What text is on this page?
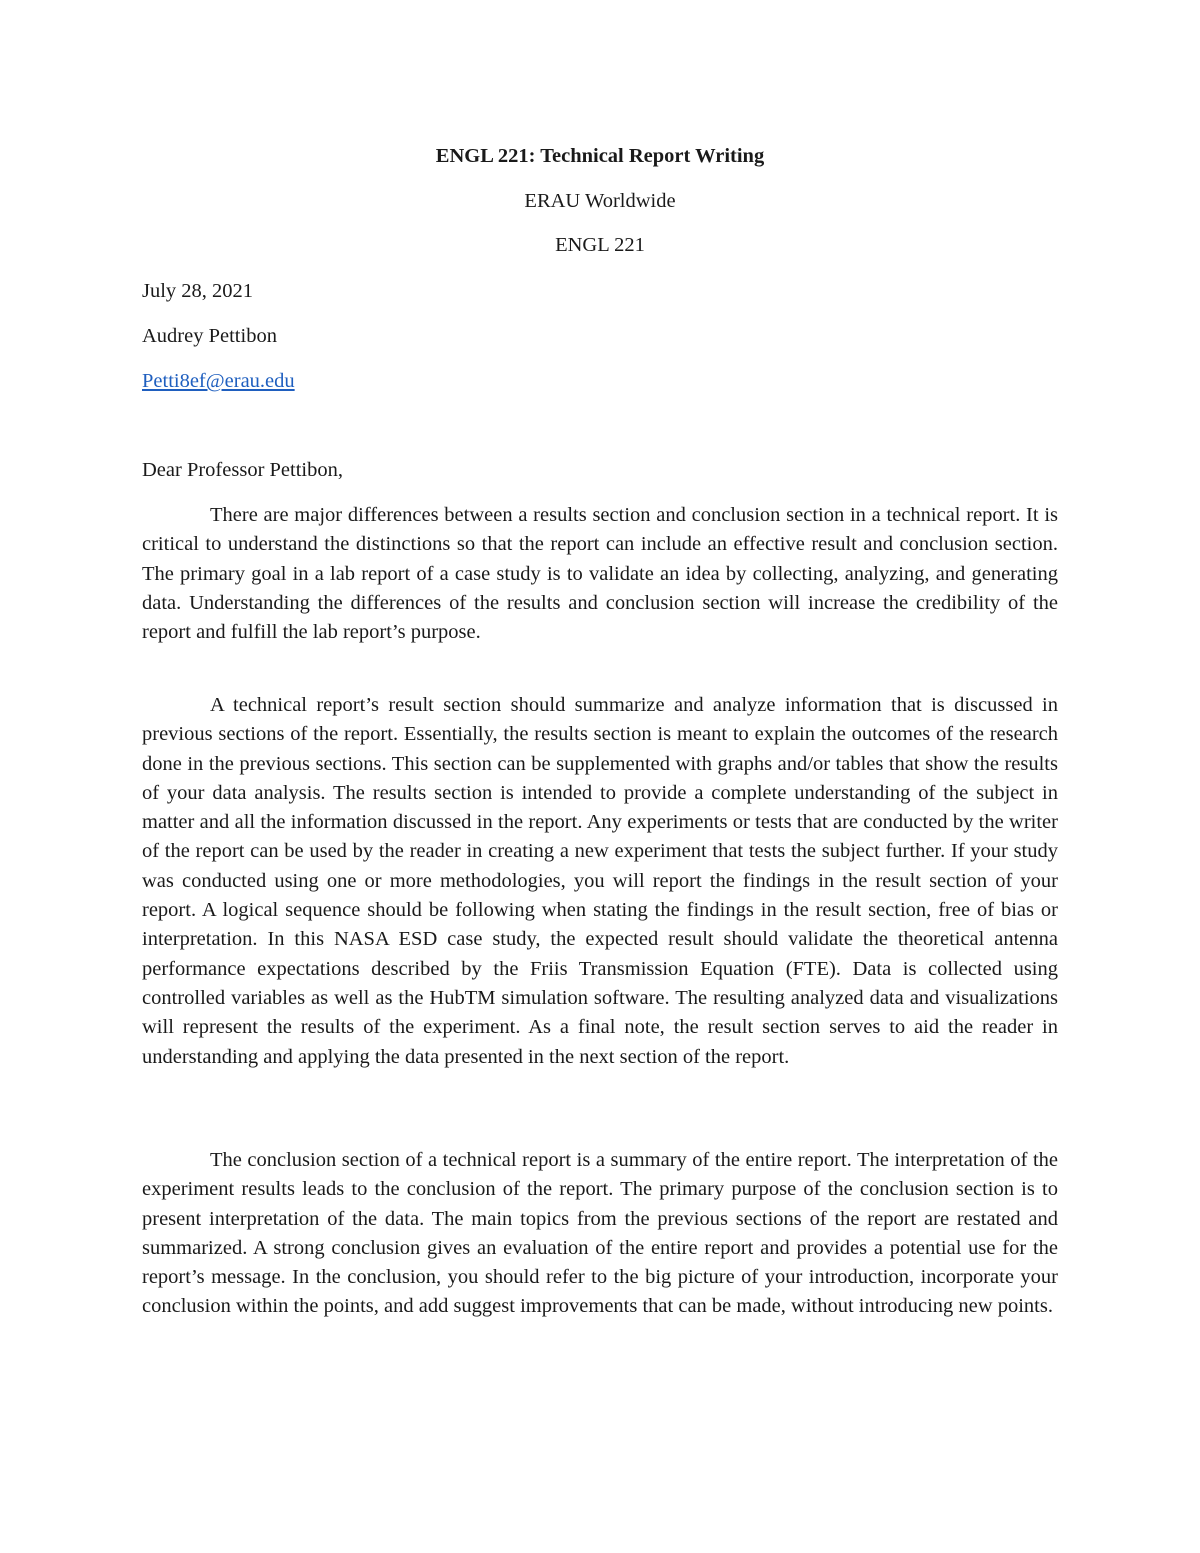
ENGL 221: Technical Report Writing

ERAU Worldwide

ENGL 221

July 28, 2021

Audrey Pettibon

Petti8ef@erau.edu

Dear Professor Pettibon,

There are major differences between a results section and conclusion section in a technical report. It is critical to understand the distinctions so that the report can include an effective result and conclusion section. The primary goal in a lab report of a case study is to validate an idea by collecting, analyzing, and generating data. Understanding the differences of the results and conclusion section will increase the credibility of the report and fulfill the lab report’s purpose.

A technical report’s result section should summarize and analyze information that is discussed in previous sections of the report. Essentially, the results section is meant to explain the outcomes of the research done in the previous sections. This section can be supplemented with graphs and/or tables that show the results of your data analysis. The results section is intended to provide a complete understanding of the subject in matter and all the information discussed in the report. Any experiments or tests that are conducted by the writer of the report can be used by the reader in creating a new experiment that tests the subject further. If your study was conducted using one or more methodologies, you will report the findings in the result section of your report. A logical sequence should be following when stating the findings in the result section, free of bias or interpretation. In this NASA ESD case study, the expected result should validate the theoretical antenna performance expectations described by the Friis Transmission Equation (FTE). Data is collected using controlled variables as well as the HubTM simulation software. The resulting analyzed data and visualizations will represent the results of the experiment. As a final note, the result section serves to aid the reader in understanding and applying the data presented in the next section of the report.

The conclusion section of a technical report is a summary of the entire report. The interpretation of the experiment results leads to the conclusion of the report. The primary purpose of the conclusion section is to present interpretation of the data. The main topics from the previous sections of the report are restated and summarized. A strong conclusion gives an evaluation of the entire report and provides a potential use for the report’s message. In the conclusion, you should refer to the big picture of your introduction, incorporate your conclusion within the points, and add suggest improvements that can be made, without introducing new points.
